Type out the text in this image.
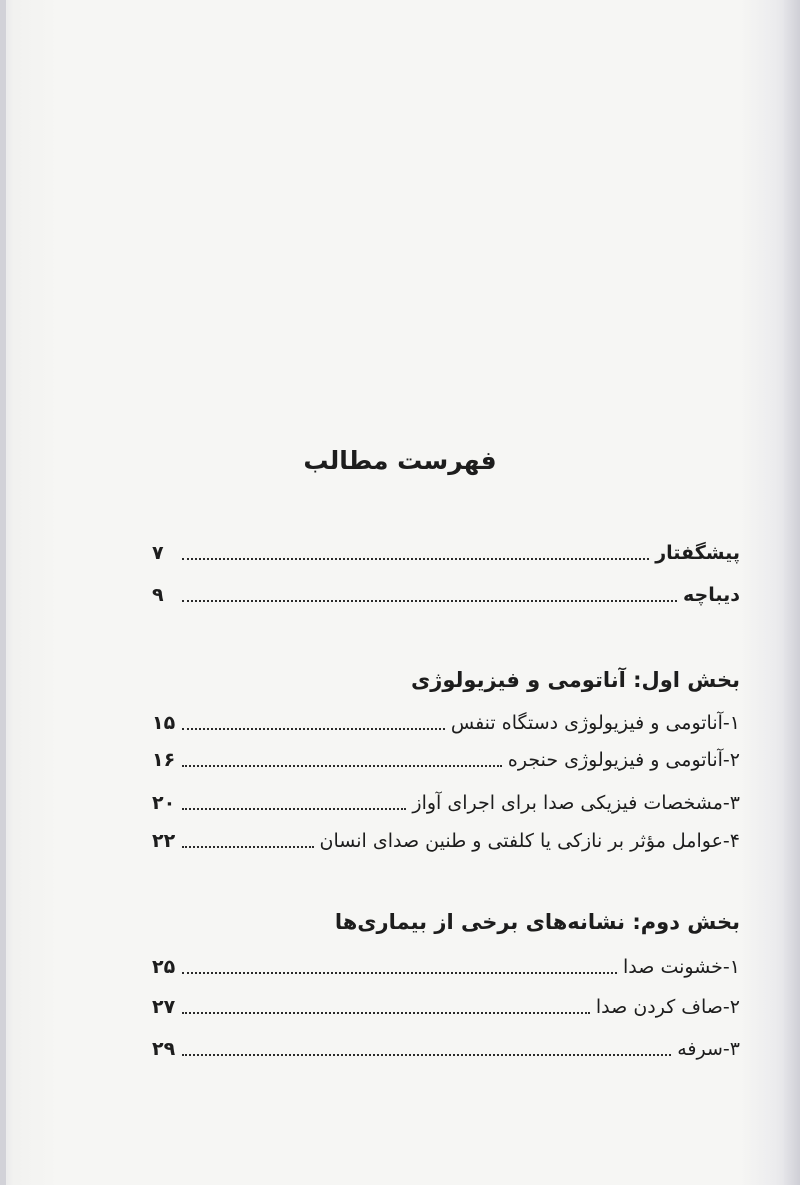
فهرست مطالب
پیشگفتار
۷
دیباچه
۹
بخش اول: آناتومی و فیزیولوژی
۱-آناتومی و فیزیولوژی دستگاه تنفس
۱۵
۲-آناتومی و فیزیولوژی حنجره
۱۶
۳-مشخصات فیزیکی صدا برای اجرای آواز
۲۰
۴-عوامل مؤثر بر نازکی یا کلفتی و طنین صدای انسان
۲۲
بخش دوم: نشانه‌های برخی از بیماری‌ها
۱-خشونت صدا
۲۵
۲-صاف کردن صدا
۲۷
۳-سرفه
۲۹
